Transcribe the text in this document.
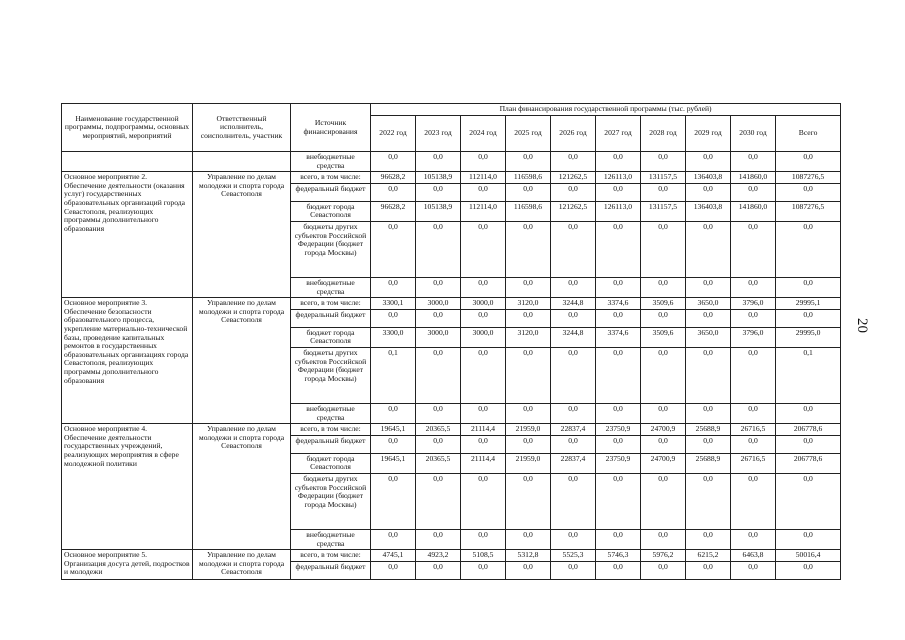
20
Наименование государственной программы, подпрограммы, основных мероприятий, мероприятий	Ответственный исполнитель, соисполнитель, участник	Источник финансирования	План финансирования государственной программы (тыс. рублей)									
			2022 год	2023 год	2024 год	2025 год	2026 год	2027 год	2028 год	2029 год	2030 год	Всего
		внебюджетные средства	0,0	0,0	0,0	0,0	0,0	0,0	0,0	0,0	0,0	0,0
Основное мероприятие 2. Обеспечение деятельности (оказания услуг) государственных образовательных организаций города Севастополя, реализующих программы дополнительного образования	Управление по делам молодежи и спорта города Севастополя	всего, в том числе:	96628,2	105138,9	112114,0	116598,6	121262,5	126113,0	131157,5	136403,8	141860,0	1087276,5
		федеральный бюджет	0,0	0,0	0,0	0,0	0,0	0,0	0,0	0,0	0,0	0,0
		бюджет города Севастополя	96628,2	105138,9	112114,0	116598,6	121262,5	126113,0	131157,5	136403,8	141860,0	1087276,5
		бюджеты других субъектов Российской Федерации (бюджет города Москвы)	0,0	0,0	0,0	0,0	0,0	0,0	0,0	0,0	0,0	0,0
		внебюджетные средства	0,0	0,0	0,0	0,0	0,0	0,0	0,0	0,0	0,0	0,0
Основное мероприятие 3. Обеспечение безопасности образовательного процесса, укрепление материально-технической базы, проведение капитальных ремонтов в государственных образовательных организациях города Севастополя, реализующих программы дополнительного образования	Управление по делам молодежи и спорта города Севастополя	всего, в том числе:	3300,1	3000,0	3000,0	3120,0	3244,8	3374,6	3509,6	3650,0	3796,0	29995,1
		федеральный бюджет	0,0	0,0	0,0	0,0	0,0	0,0	0,0	0,0	0,0	0,0
		бюджет города Севастополя	3300,0	3000,0	3000,0	3120,0	3244,8	3374,6	3509,6	3650,0	3796,0	29995,0
		бюджеты других субъектов Российской Федерации (бюджет города Москвы)	0,1	0,0	0,0	0,0	0,0	0,0	0,0	0,0	0,0	0,1
		внебюджетные средства	0,0	0,0	0,0	0,0	0,0	0,0	0,0	0,0	0,0	0,0
Основное мероприятие 4. Обеспечение деятельности государственных учреждений, реализующих мероприятия в сфере молодежной политики	Управление по делам молодежи и спорта города Севастополя	всего, в том числе:	19645,1	20365,5	21114,4	21959,0	22837,4	23750,9	24700,9	25688,9	26716,5	206778,6
		федеральный бюджет	0,0	0,0	0,0	0,0	0,0	0,0	0,0	0,0	0,0	0,0
		бюджет города Севастополя	19645,1	20365,5	21114,4	21959,0	22837,4	23750,9	24700,9	25688,9	26716,5	206778,6
		бюджеты других субъектов Российской Федерации (бюджет города Москвы)	0,0	0,0	0,0	0,0	0,0	0,0	0,0	0,0	0,0	0,0
		внебюджетные средства	0,0	0,0	0,0	0,0	0,0	0,0	0,0	0,0	0,0	0,0
Основное мероприятие 5. Организация досуга детей, подростков и молодежи	Управление по делам молодежи и спорта города Севастополя	всего, в том числе:	4745,1	4923,2	5108,5	5312,8	5525,3	5746,3	5976,2	6215,2	6463,8	50016,4
		федеральный бюджет	0,0	0,0	0,0	0,0	0,0	0,0	0,0	0,0	0,0	0,0
